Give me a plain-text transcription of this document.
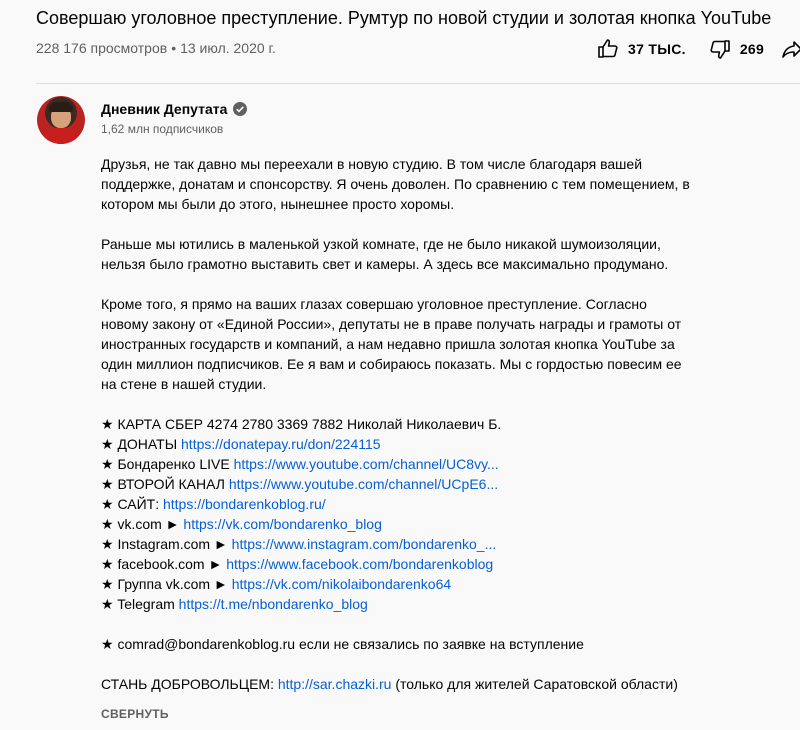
Совершаю уголовное преступление. Румтур по новой студии и золотая кнопка YouTube
228 176 просмотров • 13 июл. 2020 г.	37 ТЫС.	269
Дневник Депутата
1,62 млн подписчиков

Друзья, не так давно мы переехали в новую студию. В том числе благодаря вашей

поддержке, донатам и спонсорству. Я очень доволен. По сравнению с тем помещением, в

котором мы были до этого, нынешнее просто хоромы.

Раньше мы ютились в маленькой узкой комнате, где не было никакой шумоизоляции,

нельзя было грамотно выставить свет и камеры. А здесь все максимально продумано.

Кроме того, я прямо на ваших глазах совершаю уголовное преступление. Согласно

новому закону от «Единой России», депутаты не в праве получать награды и грамоты от

иностранных государств и компаний, а нам недавно пришла золотая кнопка YouTube за

один миллион подписчиков. Ее я вам и собираюсь показать. Мы с гордостью повесим ее

на стене в нашей студии.

★ КАРТА СБЕР 4274 2780 3369 7882 Николай Николаевич Б.

★ ДОНАТЫ https://donatepay.ru/don/224115

★ Бондаренко LIVE https://www.youtube.com/channel/UC8vy...

★ ВТОРОЙ КАНАЛ https://www.youtube.com/channel/UCpE6...

★ САЙТ: https://bondarenkoblog.ru/

★ vk.com ► https://vk.com/bondarenko_blog

★ Instagram.com ► https://www.instagram.com/bondarenko_...

★ facebook.com ► https://www.facebook.com/bondarenkoblog

★ Группа vk.com ► https://vk.com/nikolaibondarenko64

★ Telegram https://t.me/nbondarenko_blog

★ comrad@bondarenkoblog.ru если не связались по заявке на вступление

СТАНЬ ДОБРОВОЛЬЦЕМ: http://sar.chazki.ru (только для жителей Саратовской области)

СВЕРНУТЬ
